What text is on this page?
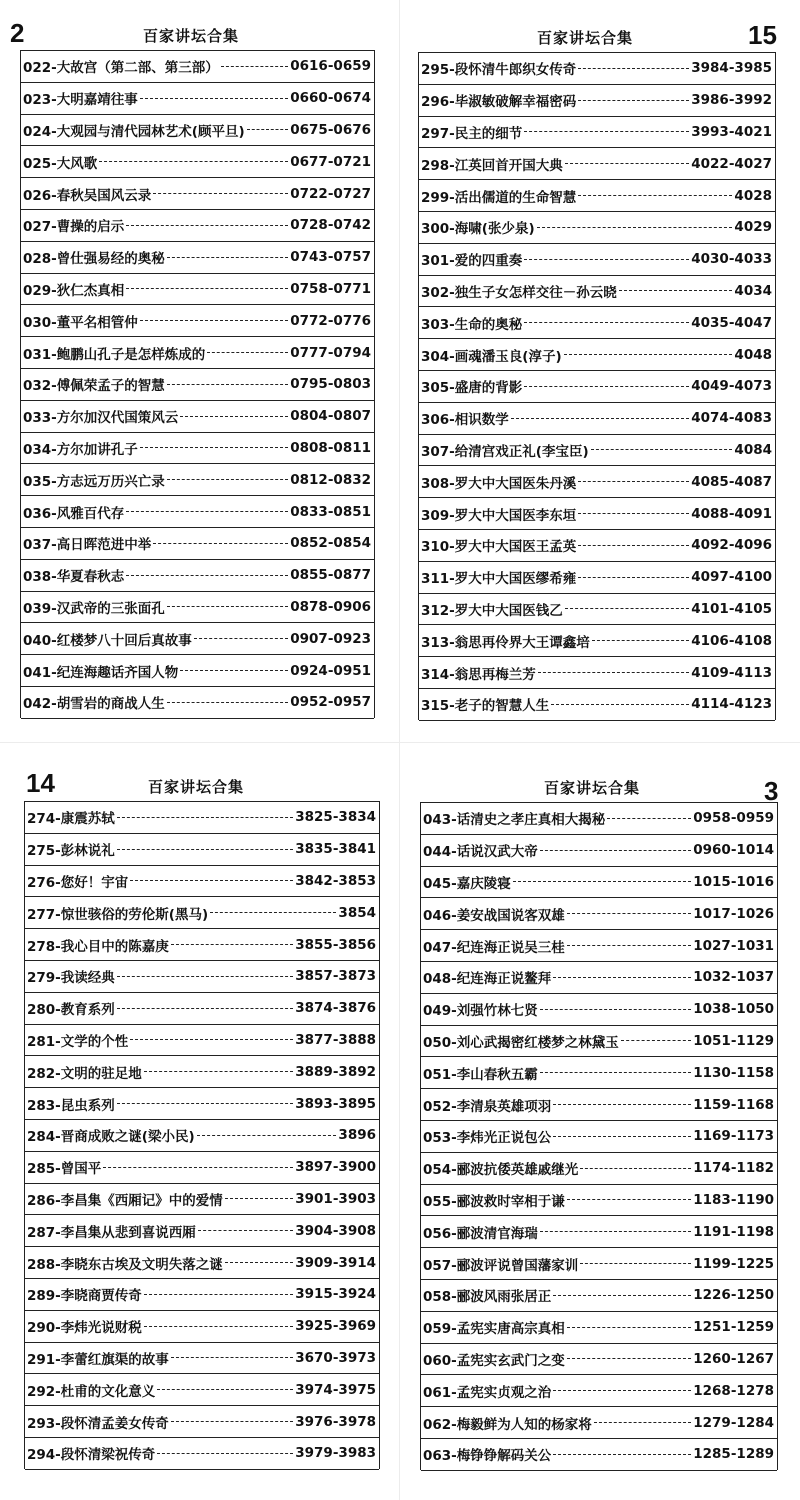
2	百家讲坛合集
022-大故宫（第二部、第三部）	0616-0659
023-大明嘉靖往事	0660-0674
024-大观园与清代园林艺术(顾平旦)	0675-0676
025-大风歌	0677-0721
026-春秋吴国风云录	0722-0727
027-曹操的启示	0728-0742
028-曾仕强易经的奥秘	0743-0757
029-狄仁杰真相	0758-0771
030-董平名相管仲	0772-0776
031-鲍鹏山孔子是怎样炼成的	0777-0794
032-傅佩荣孟子的智慧	0795-0803
033-方尔加汉代国策风云	0804-0807
034-方尔加讲孔子	0808-0811
035-方志远万历兴亡录	0812-0832
036-风雅百代存	0833-0851
037-高日晖范进中举	0852-0854
038-华夏春秋志	0855-0877
039-汉武帝的三张面孔	0878-0906
040-红楼梦八十回后真故事	0907-0923
041-纪连海趣话齐国人物	0924-0951
042-胡雪岩的商战人生	0952-0957
15
百家讲坛合集
295-段怀清牛郎织女传奇	3984-3985
296-毕淑敏破解幸福密码	3986-3992
297-民主的细节	3993-4021
298-江英回首开国大典	4022-4027
299-活出儒道的生命智慧	4028
300-海啸(张少泉)	4029
301-爱的四重奏	4030-4033
302-独生子女怎样交往－孙云晓	4034
303-生命的奥秘	4035-4047
304-画魂潘玉良(淳子)	4048
305-盛唐的背影	4049-4073
306-相识数学	4074-4083
307-给清宫戏正礼(李宝臣)	4084
308-罗大中大国医朱丹溪	4085-4087
309-罗大中大国医李东垣	4088-4091
310-罗大中大国医王孟英	4092-4096
311-罗大中大国医缪希雍	4097-4100
312-罗大中大国医钱乙	4101-4105
313-翁思再伶界大王谭鑫培	4106-4108
314-翁思再梅兰芳	4109-4113
315-老子的智慧人生	4114-4123
14	百家讲坛合集
274-康震苏轼	3825-3834
275-彭林说礼	3835-3841
276-您好！宇宙	3842-3853
277-惊世骇俗的劳伦斯(黑马)	3854
278-我心目中的陈嘉庚	3855-3856
279-我读经典	3857-3873
280-教育系列	3874-3876
281-文学的个性	3877-3888
282-文明的驻足地	3889-3892
283-昆虫系列	3893-3895
284-晋商成败之谜(梁小民)	3896
285-曾国平	3897-3900
286-李昌集《西厢记》中的爱情	3901-3903
287-李昌集从悲到喜说西厢	3904-3908
288-李晓东古埃及文明失落之谜	3909-3914
289-李晓商贾传奇	3915-3924
290-李炜光说财税	3925-3969
291-李蕾红旗渠的故事	3670-3973
292-杜甫的文化意义	3974-3975
293-段怀清孟姜女传奇	3976-3978
294-段怀清梁祝传奇	3979-3983
3
百家讲坛合集
043-话清史之孝庄真相大揭秘	0958-0959
044-话说汉武大帝	0960-1014
045-嘉庆陵寝	1015-1016
046-姜安战国说客双雄	1017-1026
047-纪连海正说吴三桂	1027-1031
048-纪连海正说鳌拜	1032-1037
049-刘强竹林七贤	1038-1050
050-刘心武揭密红楼梦之林黛玉	1051-1129
051-李山春秋五霸	1130-1158
052-李清泉英雄项羽	1159-1168
053-李炜光正说包公	1169-1173
054-郦波抗倭英雄戚继光	1174-1182
055-郦波救时宰相于谦	1183-1190
056-郦波清官海瑞	1191-1198
057-郦波评说曾国藩家训	1199-1225
058-郦波风雨张居正	1226-1250
059-孟宪实唐高宗真相	1251-1259
060-孟宪实玄武门之变	1260-1267
061-孟宪实贞观之治	1268-1278
062-梅毅鲜为人知的杨家将	1279-1284
063-梅铮铮解码关公	1285-1289
